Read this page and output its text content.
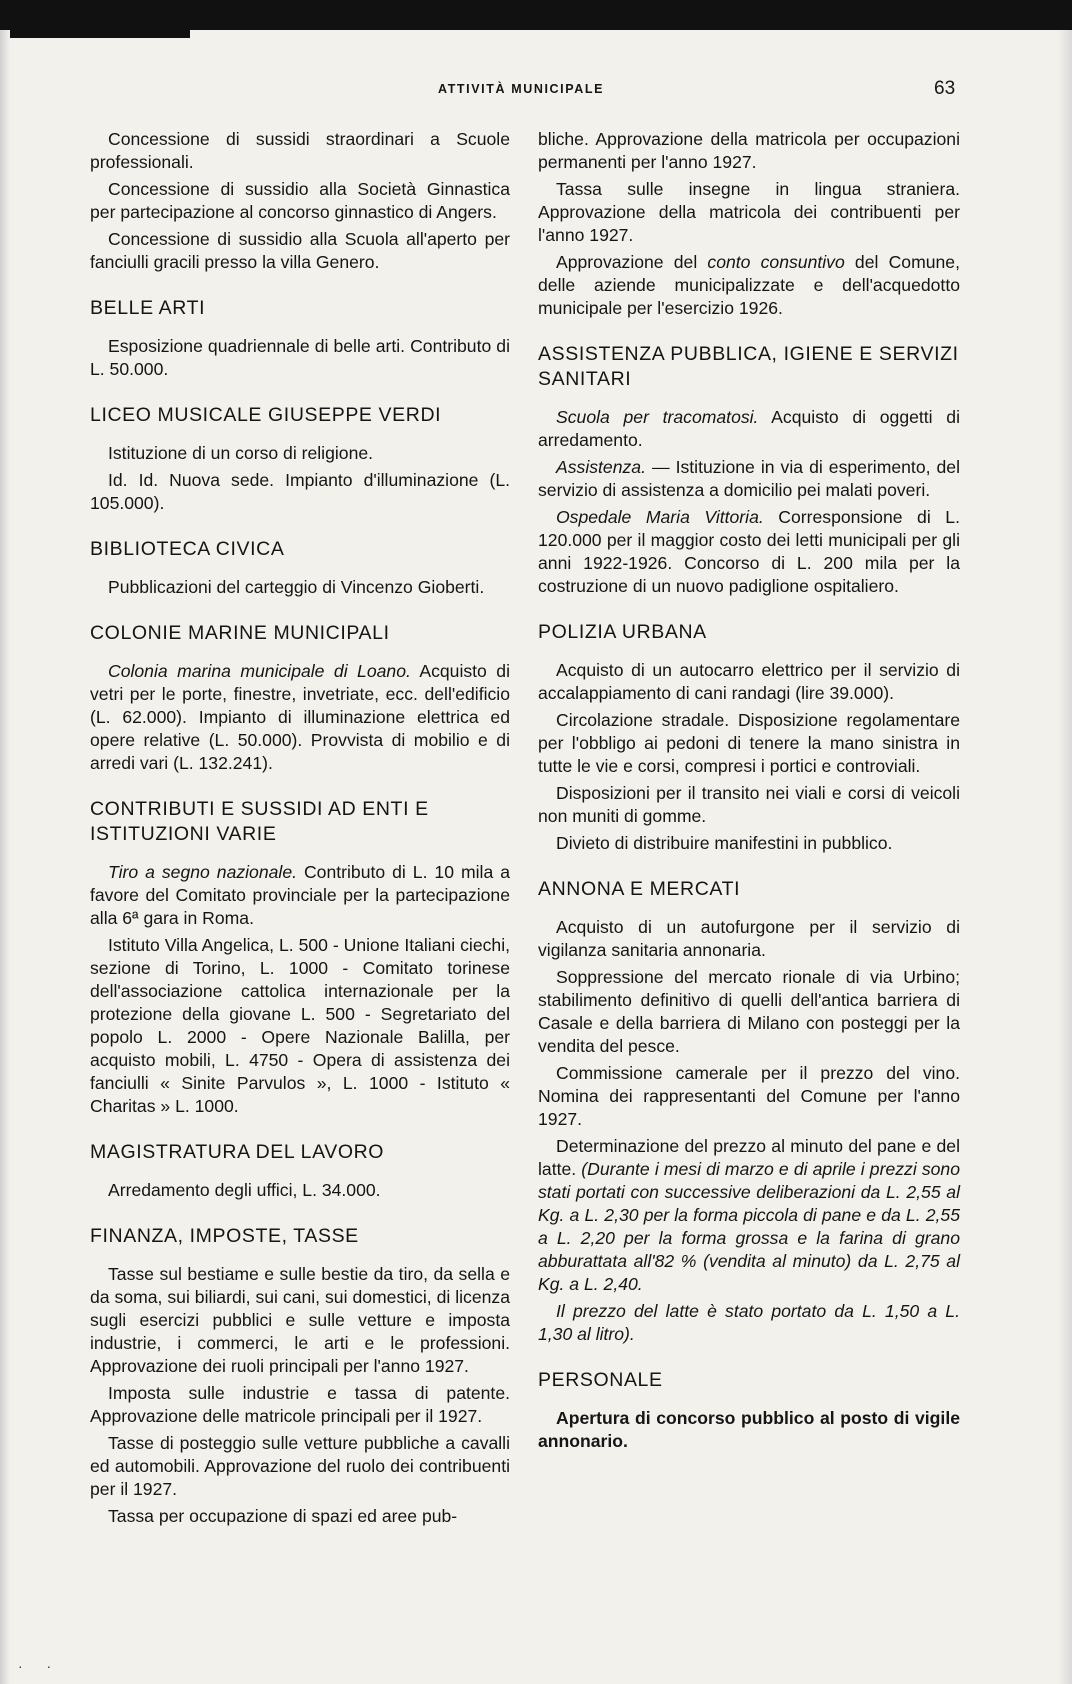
ATTIVITÀ MUNICIPALE	63

Concessione di sussidi straordinari a Scuole professionali.

Concessione di sussidio alla Società Ginnastica per partecipazione al concorso ginnastico di Angers.

Concessione di sussidio alla Scuola all'aperto per fanciulli gracili presso la villa Genero.

BELLE ARTI

Esposizione quadriennale di belle arti. Contributo di L. 50.000.

LICEO MUSICALE GIUSEPPE VERDI

Istituzione di un corso di religione.

Id. Id. Nuova sede. Impianto d'illuminazione (L. 105.000).

BIBLIOTECA CIVICA

Pubblicazioni del carteggio di Vincenzo Gioberti.

COLONIE MARINE MUNICIPALI

Colonia marina municipale di Loano. Acquisto di vetri per le porte, finestre, invetriate, ecc. dell'edificio (L. 62.000). Impianto di illuminazione elettrica ed opere relative (L. 50.000). Provvista di mobilio e di arredi vari (L. 132.241).

CONTRIBUTI E SUSSIDI AD ENTI E ISTITUZIONI VARIE

Tiro a segno nazionale. Contributo di L. 10 mila a favore del Comitato provinciale per la partecipazione alla 6ª gara in Roma.

Istituto Villa Angelica, L. 500 - Unione Italiani ciechi, sezione di Torino, L. 1000 - Comitato torinese dell'associazione cattolica internazionale per la protezione della giovane L. 500 - Segretariato del popolo L. 2000 - Opere Nazionale Balilla, per acquisto mobili, L. 4750 - Opera di assistenza dei fanciulli « Sinite Parvulos », L. 1000 - Istituto « Charitas » L. 1000.

MAGISTRATURA DEL LAVORO

Arredamento degli uffici, L. 34.000.

FINANZA, IMPOSTE, TASSE

Tasse sul bestiame e sulle bestie da tiro, da sella e da soma, sui biliardi, sui cani, sui domestici, di licenza sugli esercizi pubblici e sulle vetture e imposta industrie, i commerci, le arti e le professioni. Approvazione dei ruoli principali per l'anno 1927.

Imposta sulle industrie e tassa di patente. Approvazione delle matricole principali per il 1927.

Tasse di posteggio sulle vetture pubbliche a cavalli ed automobili. Approvazione del ruolo dei contribuenti per il 1927.

Tassa per occupazione di spazi ed aree pub-

bliche. Approvazione della matricola per occupazioni permanenti per l'anno 1927.

Tassa sulle insegne in lingua straniera. Approvazione della matricola dei contribuenti per l'anno 1927.

Approvazione del conto consuntivo del Comune, delle aziende municipalizzate e dell'acquedotto municipale per l'esercizio 1926.

ASSISTENZA PUBBLICA, IGIENE E SERVIZI SANITARI

Scuola per tracomatosi. Acquisto di oggetti di arredamento.

Assistenza. — Istituzione in via di esperimento, del servizio di assistenza a domicilio pei malati poveri.

Ospedale Maria Vittoria. Corresponsione di L. 120.000 per il maggior costo dei letti municipali per gli anni 1922-1926. Concorso di L. 200 mila per la costruzione di un nuovo padiglione ospitaliero.

POLIZIA URBANA

Acquisto di un autocarro elettrico per il servizio di accalappiamento di cani randagi (lire 39.000).

Circolazione stradale. Disposizione regolamentare per l'obbligo ai pedoni di tenere la mano sinistra in tutte le vie e corsi, compresi i portici e controviali.

Disposizioni per il transito nei viali e corsi di veicoli non muniti di gomme.

Divieto di distribuire manifestini in pubblico.

ANNONA E MERCATI

Acquisto di un autofurgone per il servizio di vigilanza sanitaria annonaria.

Soppressione del mercato rionale di via Urbino; stabilimento definitivo di quelli dell'antica barriera di Casale e della barriera di Milano con posteggi per la vendita del pesce.

Commissione camerale per il prezzo del vino. Nomina dei rappresentanti del Comune per l'anno 1927.

Determinazione del prezzo al minuto del pane e del latte. (Durante i mesi di marzo e di aprile i prezzi sono stati portati con successive deliberazioni da L. 2,55 al Kg. a L. 2,30 per la forma piccola di pane e da L. 2,55 a L. 2,20 per la forma grossa e la farina di grano abburattata all'82 % (vendita al minuto) da L. 2,75 al Kg. a L. 2,40.

Il prezzo del latte è stato portato da L. 1,50 a L. 1,30 al litro).

PERSONALE

Apertura di concorso pubblico al posto di vigile annonario.

· ·
